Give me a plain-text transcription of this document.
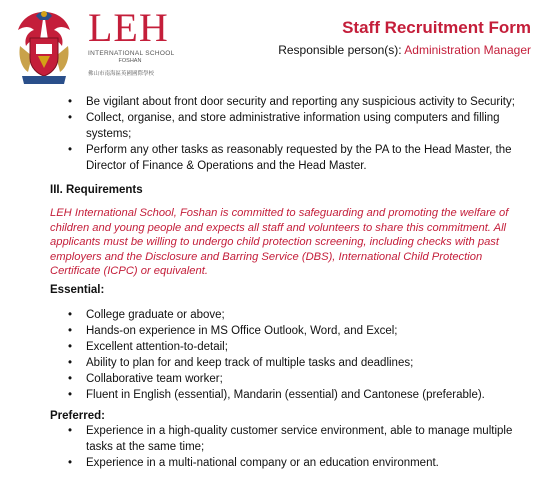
LEH
INTERNATIONAL SCHOOL
FOSHAN
佛山市南海區英國國際學校
Staff Recruitment Form
Responsible person(s): Administration Manager
• Be vigilant about front door security and reporting any suspicious activity to Security;
• Collect, organise, and store administrative information using computers and filling systems;
• Perform any other tasks as reasonably requested by the PA to the Head Master, the Director of Finance & Operations and the Head Master.
III. Requirements
LEH International School, Foshan is committed to safeguarding and promoting the welfare of children and young people and expects all staff and volunteers to share this commitment. All applicants must be willing to undergo child protection screening, including checks with past employers and the Disclosure and Barring Service (DBS), International Child Protection Certificate (ICPC) or equivalent.
Essential:
• College graduate or above;
• Hands-on experience in MS Office Outlook, Word, and Excel;
• Excellent attention-to-detail;
• Ability to plan for and keep track of multiple tasks and deadlines;
• Collaborative team worker;
• Fluent in English (essential), Mandarin (essential) and Cantonese (preferable).
Preferred:
• Experience in a high-quality customer service environment, able to manage multiple tasks at the same time;
• Experience in a multi-national company or an education environment.
